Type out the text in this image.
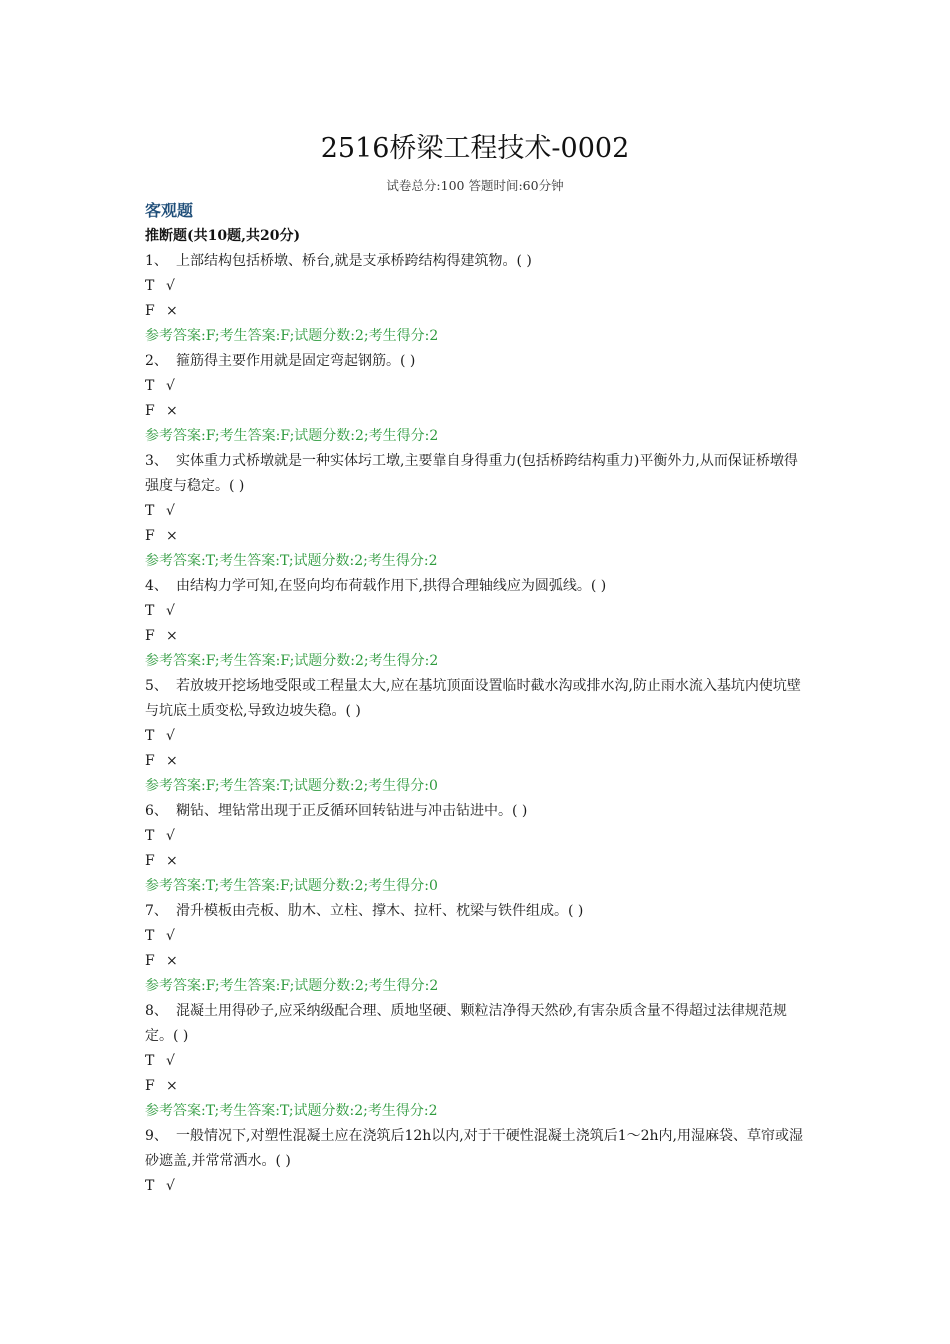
2516桥梁工程技术-0002
试卷总分:100 答题时间:60分钟
客观题
推断题(共10题,共20分)
1、 上部结构包括桥墩、桥台,就是支承桥跨结构得建筑物。( )
T √
F ×
参考答案:F;考生答案:F;试题分数:2;考生得分:2
2、 箍筋得主要作用就是固定弯起钢筋。( )
T √
F ×
参考答案:F;考生答案:F;试题分数:2;考生得分:2
3、 实体重力式桥墩就是一种实体圬工墩,主要靠自身得重力(包括桥跨结构重力)平衡外力,从而保证桥墩得强度与稳定。( )
T √
F ×
参考答案:T;考生答案:T;试题分数:2;考生得分:2
4、 由结构力学可知,在竖向均布荷载作用下,拱得合理轴线应为圆弧线。( )
T √
F ×
参考答案:F;考生答案:F;试题分数:2;考生得分:2
5、 若放坡开挖场地受限或工程量太大,应在基坑顶面设置临时截水沟或排水沟,防止雨水流入基坑内使坑壁与坑底土质变松,导致边坡失稳。( )
T √
F ×
参考答案:F;考生答案:T;试题分数:2;考生得分:0
6、 糊钻、埋钻常出现于正反循环回转钻进与冲击钻进中。( )
T √
F ×
参考答案:T;考生答案:F;试题分数:2;考生得分:0
7、 滑升模板由壳板、肋木、立柱、撑木、拉杆、枕梁与铁件组成。( )
T √
F ×
参考答案:F;考生答案:F;试题分数:2;考生得分:2
8、 混凝土用得砂子,应采纳级配合理、质地坚硬、颗粒洁净得天然砂,有害杂质含量不得超过法律规范规定。( )
T √
F ×
参考答案:T;考生答案:T;试题分数:2;考生得分:2
9、 一般情况下,对塑性混凝土应在浇筑后12h以内,对于干硬性混凝土浇筑后1～2h内,用湿麻袋、草帘或湿砂遮盖,并常常洒水。( )
T √
